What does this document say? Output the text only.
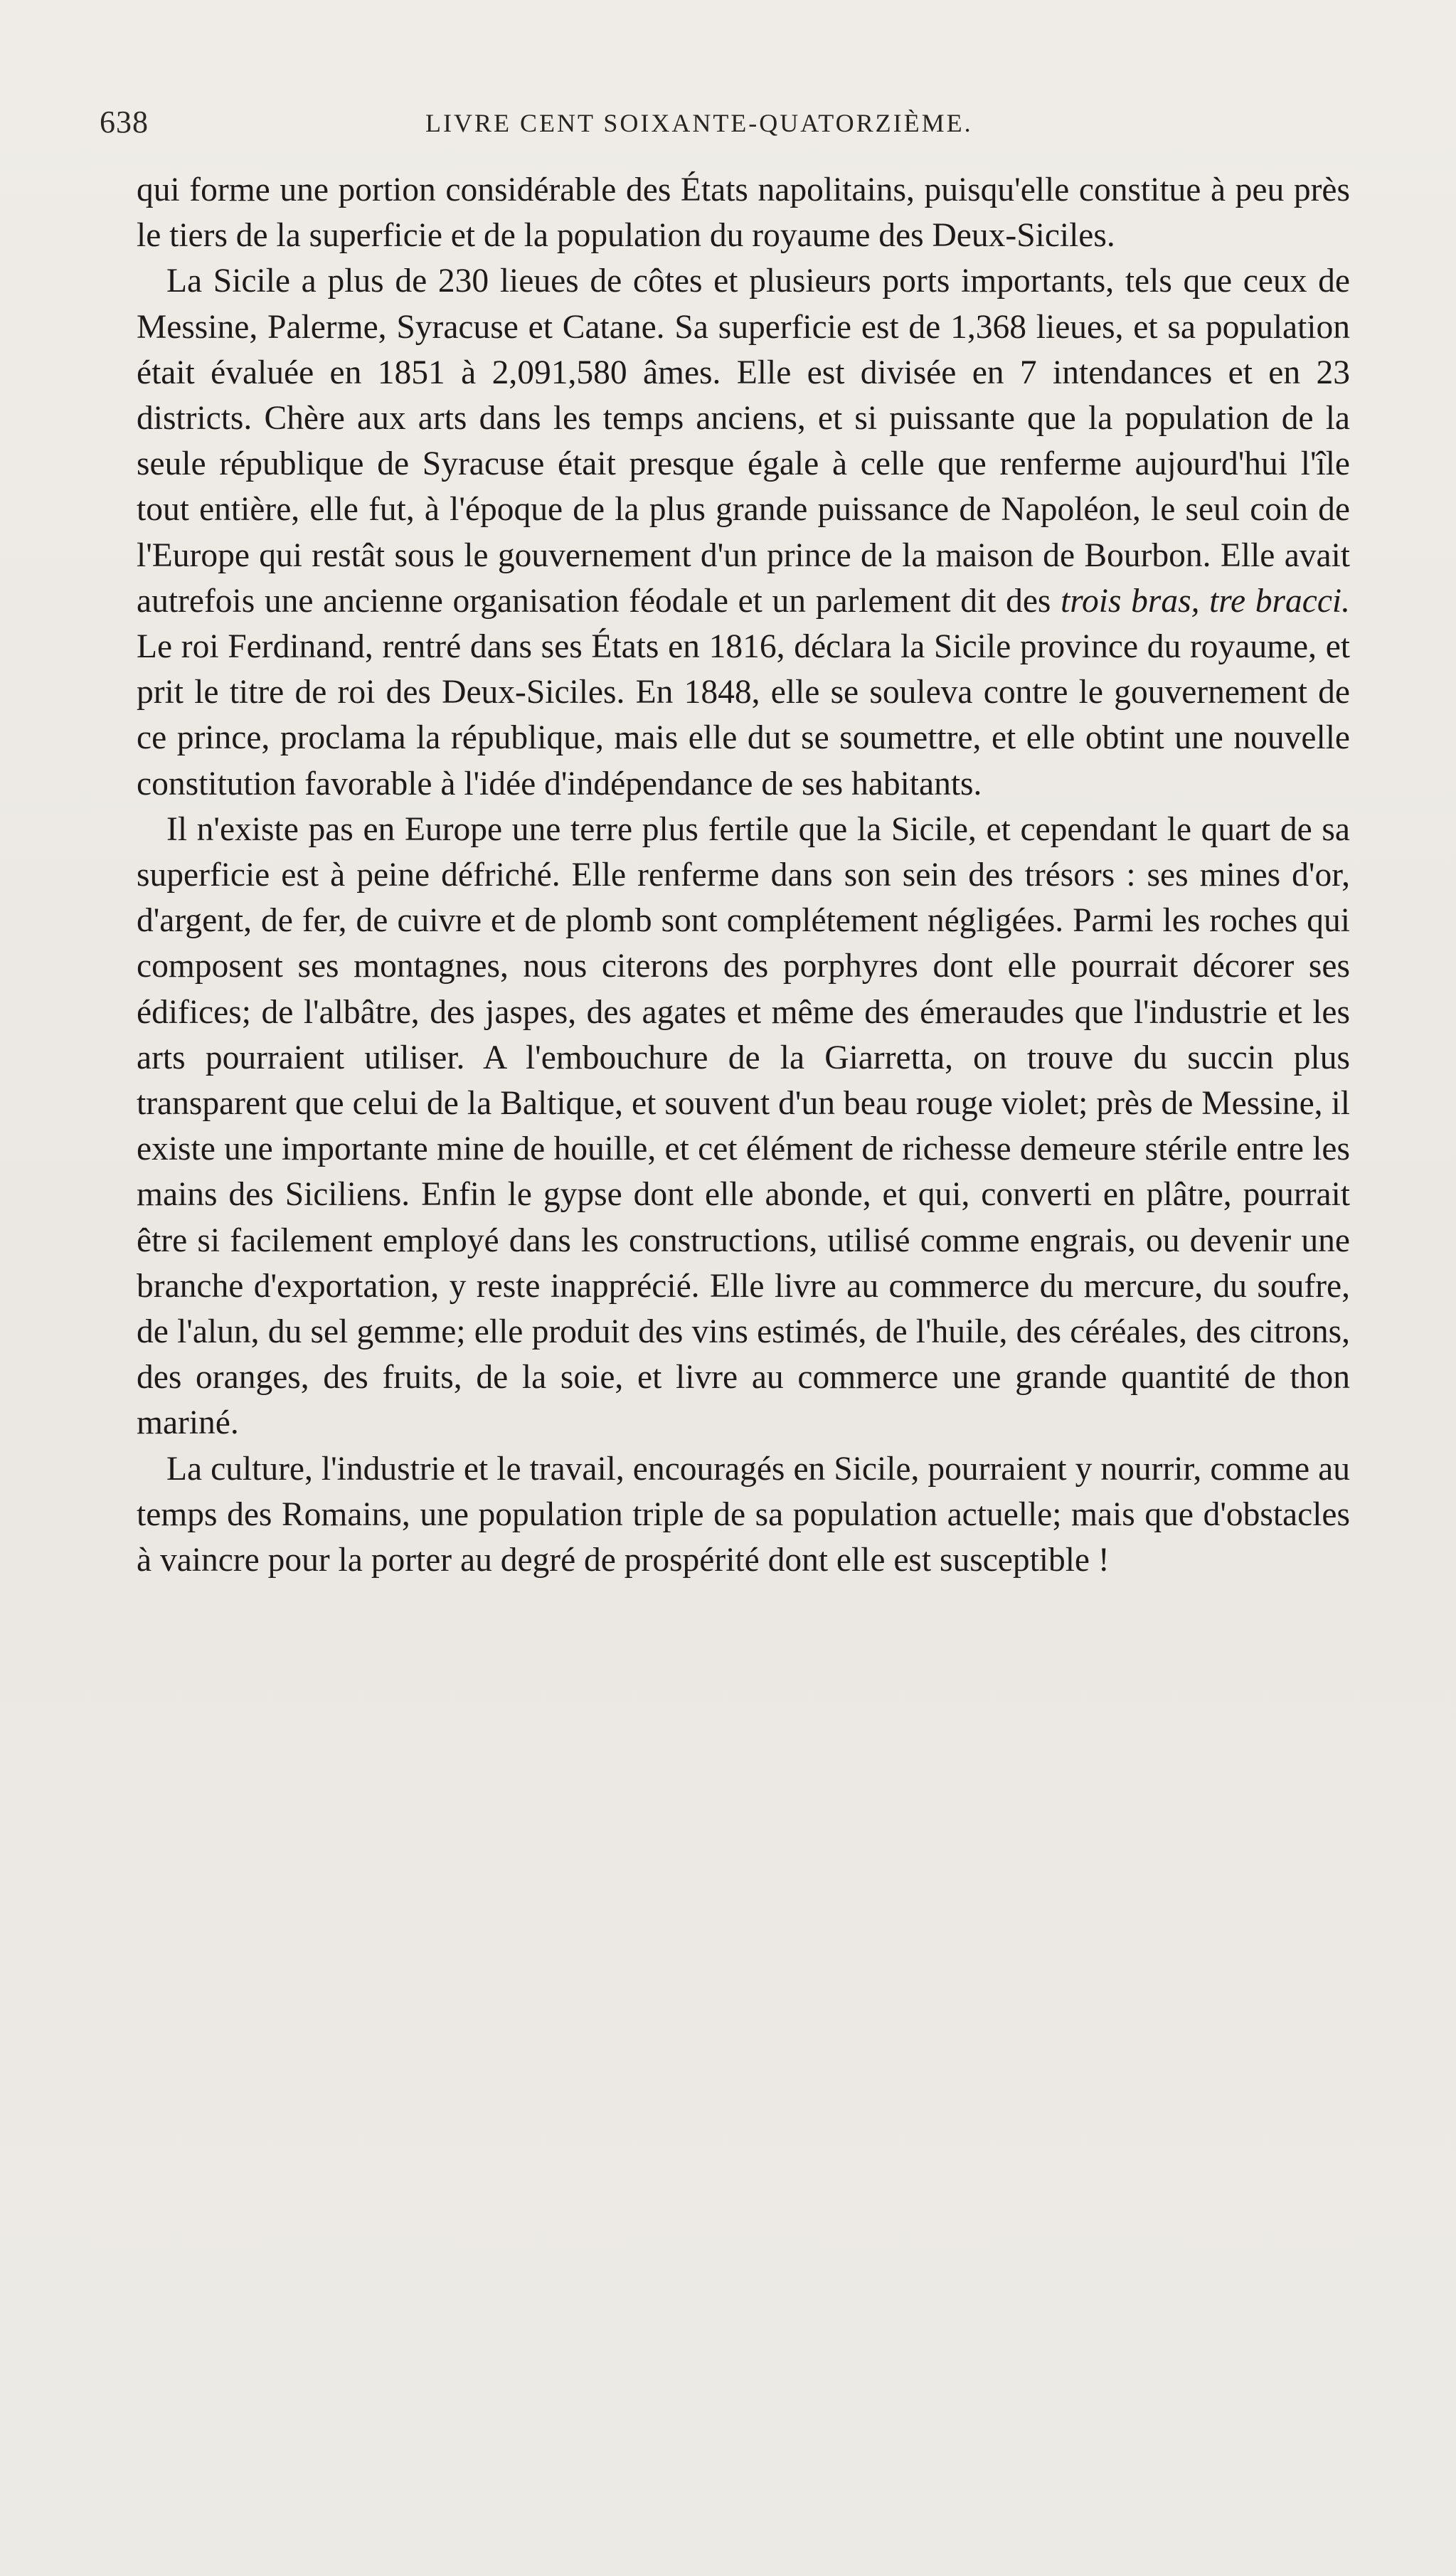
638	LIVRE CENT SOIXANTE-QUATORZIÈME.

qui forme une portion considérable des États napolitains, puisqu'elle constitue à peu près le tiers de la superficie et de la population du royaume des Deux-Siciles.

La Sicile a plus de 230 lieues de côtes et plusieurs ports importants, tels que ceux de Messine, Palerme, Syracuse et Catane. Sa superficie est de 1,368 lieues, et sa population était évaluée en 1851 à 2,091,580 âmes. Elle est divisée en 7 intendances et en 23 districts. Chère aux arts dans les temps anciens, et si puissante que la population de la seule république de Syracuse était presque égale à celle que renferme aujourd'hui l'île tout entière, elle fut, à l'époque de la plus grande puissance de Napoléon, le seul coin de l'Europe qui restât sous le gouvernement d'un prince de la maison de Bourbon. Elle avait autrefois une ancienne organisation féodale et un parlement dit des trois bras, tre bracci. Le roi Ferdinand, rentré dans ses États en 1816, déclara la Sicile province du royaume, et prit le titre de roi des Deux-Siciles. En 1848, elle se souleva contre le gouvernement de ce prince, proclama la république, mais elle dut se soumettre, et elle obtint une nouvelle constitution favorable à l'idée d'indépendance de ses habitants.

Il n'existe pas en Europe une terre plus fertile que la Sicile, et cependant le quart de sa superficie est à peine défriché. Elle renferme dans son sein des trésors : ses mines d'or, d'argent, de fer, de cuivre et de plomb sont complétement négligées. Parmi les roches qui composent ses montagnes, nous citerons des porphyres dont elle pourrait décorer ses édifices; de l'albâtre, des jaspes, des agates et même des émeraudes que l'industrie et les arts pourraient utiliser. A l'embouchure de la Giarretta, on trouve du succin plus transparent que celui de la Baltique, et souvent d'un beau rouge violet; près de Messine, il existe une importante mine de houille, et cet élément de richesse demeure stérile entre les mains des Siciliens. Enfin le gypse dont elle abonde, et qui, converti en plâtre, pourrait être si facilement employé dans les constructions, utilisé comme engrais, ou devenir une branche d'exportation, y reste inapprécié. Elle livre au commerce du mercure, du soufre, de l'alun, du sel gemme; elle produit des vins estimés, de l'huile, des céréales, des citrons, des oranges, des fruits, de la soie, et livre au commerce une grande quantité de thon mariné.

La culture, l'industrie et le travail, encouragés en Sicile, pourraient y nourrir, comme au temps des Romains, une population triple de sa population actuelle; mais que d'obstacles à vaincre pour la porter au degré de prospérité dont elle est susceptible !
